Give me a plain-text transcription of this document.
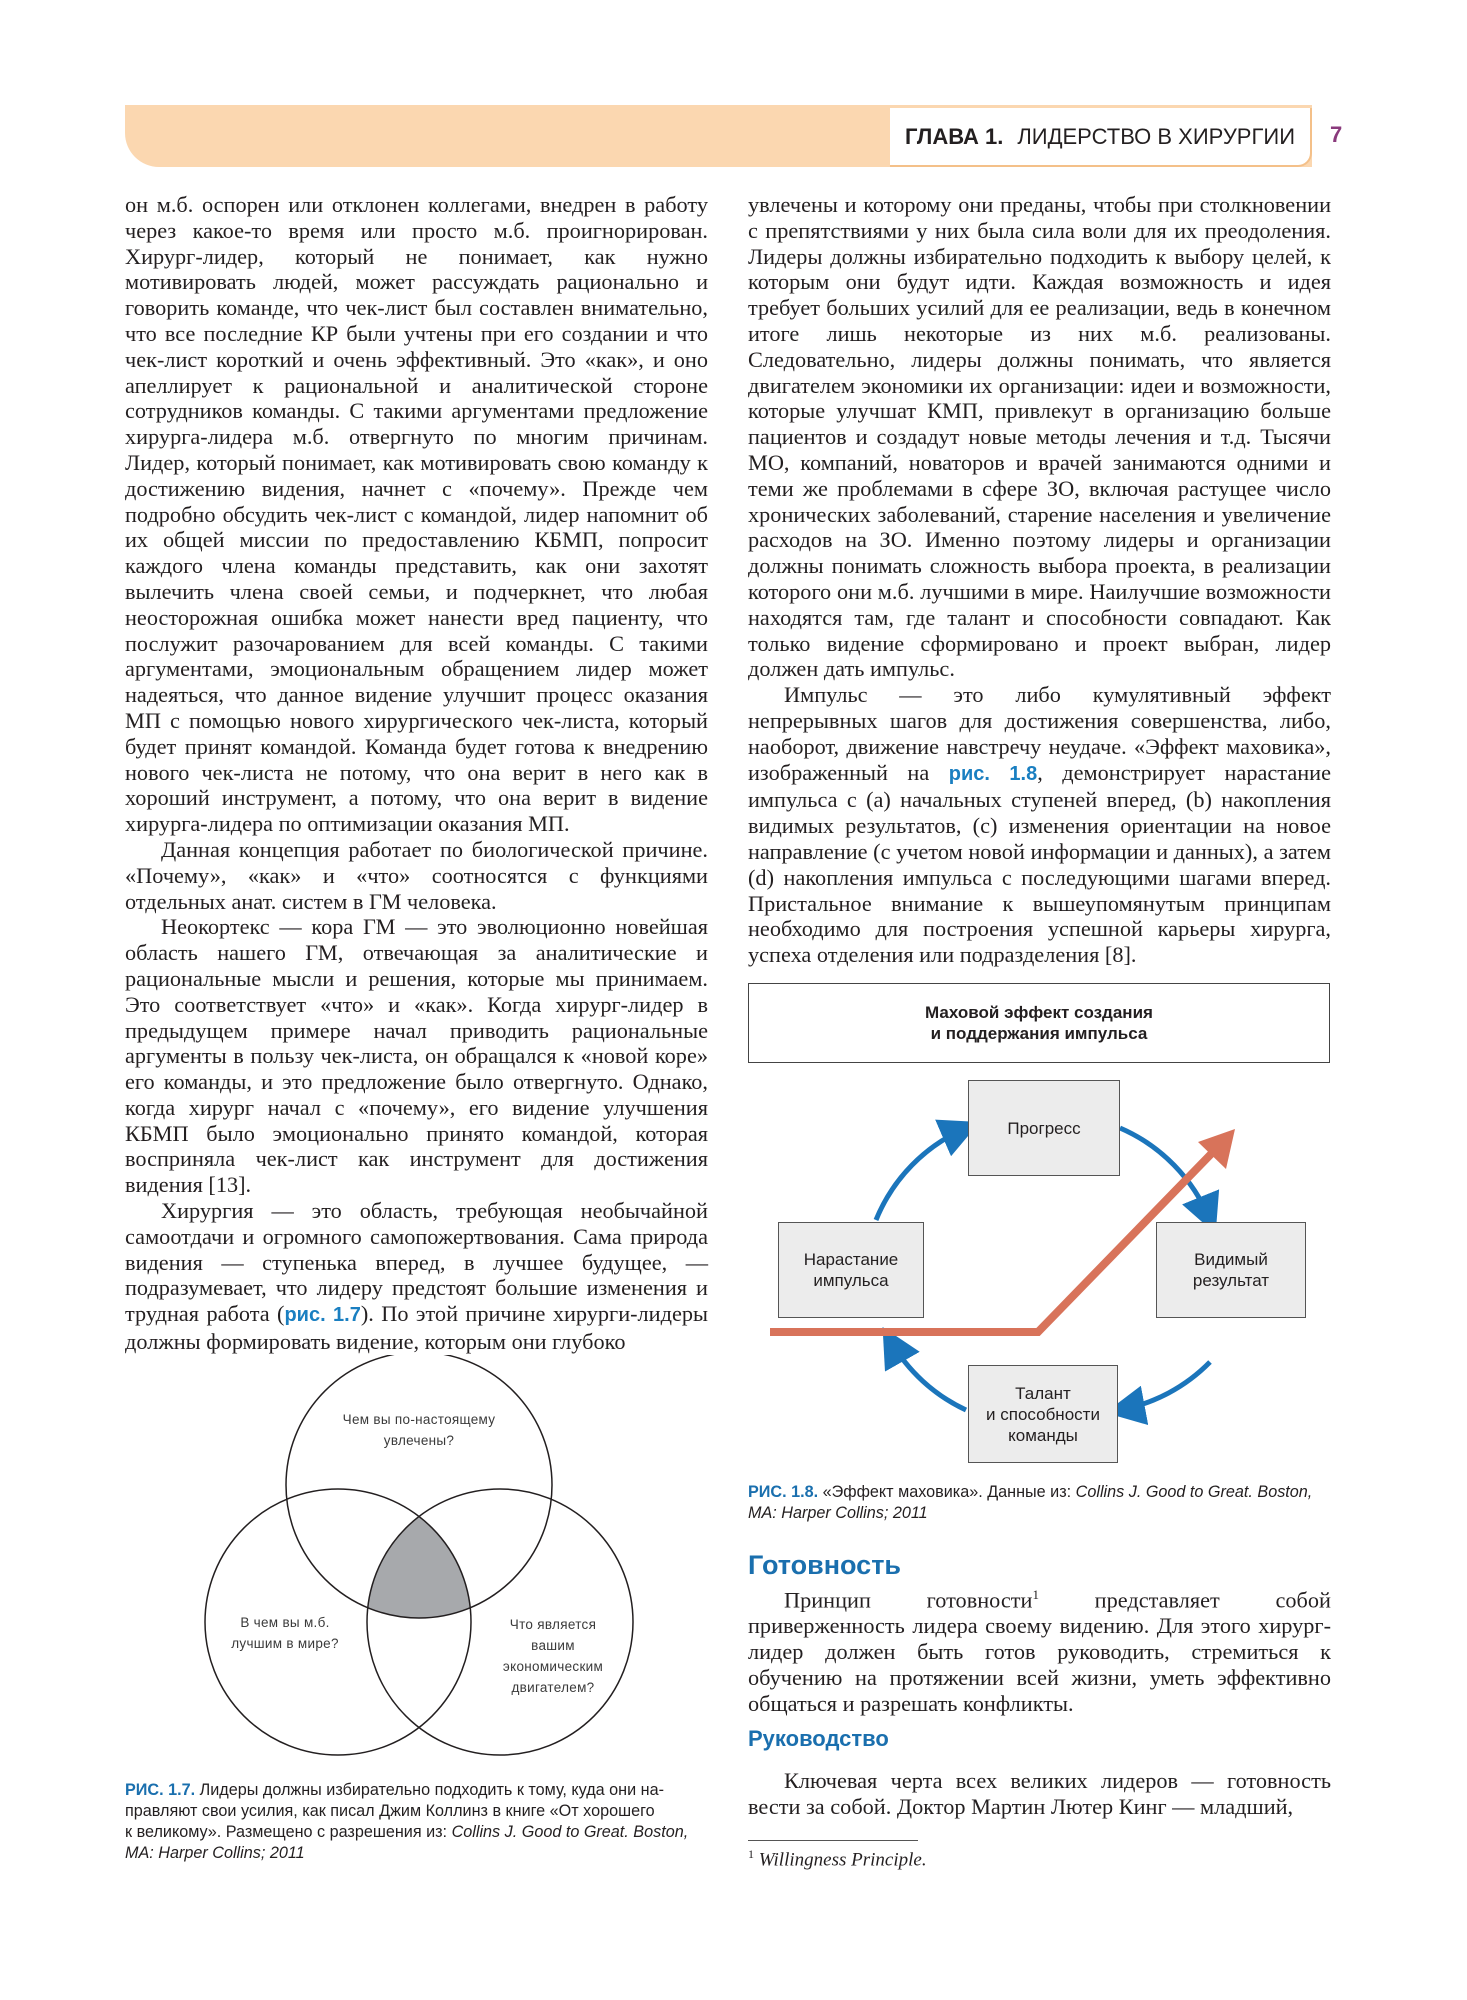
ГЛАВА 1. ЛИДЕРСТВО В ХИРУРГИИ 7

он м.б. оспорен или отклонен коллегами, внедрен в работу через какое-то время или просто м.б. проигнорирован. Хирург-лидер, который не понимает, как нужно мотивировать людей, может рассуждать рационально и говорить команде, что чек-лист был составлен внимательно, что все последние КР были учтены при его создании и что чек-лист короткий и очень эффективный. Это «как», и оно апеллирует к рациональной и аналитической стороне сотрудников команды. С такими аргументами предложение хирурга-лидера м.б. отвергнуто по многим причинам. Лидер, который понимает, как мотивировать свою команду к достижению видения, начнет с «почему». Прежде чем подробно обсудить чек-лист с командой, лидер напомнит об их общей миссии по предоставлению КБМП, попросит каждого члена команды представить, как они захотят вылечить члена своей семьи, и подчеркнет, что любая неосторожная ошибка может нанести вред пациенту, что послужит разочарованием для всей команды. С такими аргументами, эмоциональным обращением лидер может надеяться, что данное видение улучшит процесс оказания МП с помощью нового хирургического чек-листа, который будет принят командой. Команда будет готова к внедрению нового чек-листа не потому, что она верит в него как в хороший инструмент, а потому, что она верит в видение хирурга-лидера по оптимизации оказания МП.

Данная концепция работает по биологической причине. «Почему», «как» и «что» соотносятся с функциями отдельных анат. систем в ГМ человека.

Неокортекс — кора ГМ — это эволюционно новейшая область нашего ГМ, отвечающая за аналитические и рациональные мысли и решения, которые мы принимаем. Это соответствует «что» и «как». Когда хирург-лидер в предыдущем примере начал приводить рациональные аргументы в пользу чек-листа, он обращался к «новой коре» его команды, и это предложение было отвергнуто. Однако, когда хирург начал с «почему», его видение улучшения КБМП было эмоционально принято командой, которая восприняла чек-лист как инструмент для достижения видения [13].

Хирургия — это область, требующая необычайной самоотдачи и огромного самопожертвования. Сама природа видения — ступенька вперед, в лучшее будущее, — подразумевает, что лидеру предстоят большие изменения и трудная работа (рис. 1.7). По этой причине хирурги-лидеры должны формировать видение, которым они глубоко

увлечены и которому они преданы, чтобы при столкновении с препятствиями у них была сила воли для их преодоления. Лидеры должны избирательно подходить к выбору целей, к которым они будут идти. Каждая возможность и идея требует больших усилий для ее реализации, ведь в конечном итоге лишь некоторые из них м.б. реализованы. Следовательно, лидеры должны понимать, что является двигателем экономики их организации: идеи и возможности, которые улучшат КМП, привлекут в организацию больше пациентов и создадут новые методы лечения и т.д. Тысячи МО, компаний, новаторов и врачей занимаются одними и теми же проблемами в сфере ЗО, включая растущее число хронических заболеваний, старение населения и увеличение расходов на ЗО. Именно поэтому лидеры и организации должны понимать сложность выбора проекта, в реализации которого они м.б. лучшими в мире. Наилучшие возможности находятся там, где талант и способности совпадают. Как только видение сформировано и проект выбран, лидер должен дать импульс.

Импульс — это либо кумулятивный эффект непрерывных шагов для достижения совершенства, либо, наоборот, движение навстречу неудаче. «Эффект маховика», изображенный на рис. 1.8, демонстрирует нарастание импульса с (a) начальных ступеней вперед, (b) накопления видимых результатов, (c) изменения ориентации на новое направление (с учетом новой информации и данных), а затем (d) накопления импульса с последующими шагами вперед. Пристальное внимание к вышеупомянутым принципам необходимо для построения успешной карьеры хирурга, успеха отделения или подразделения [8].

Маховой эффект создания
и поддержания импульса
Прогресс
Видимый
результат
Талант
и способности
команды
Нарастание
импульса
РИС. 1.8. «Эффект маховика». Данные из: Collins J. Good to Great. Boston,
MA: Harper Collins; 2011
Чем вы по-настоящему
увлечены?
В чем вы м.б.
лучшим в мире?
Что является
вашим
экономическим
двигателем?
РИС. 1.7. Лидеры должны избирательно подходить к тому, куда они на-
правляют свои усилия, как писал Джим Коллинз в книге «От хорошего
к великому». Размещено с разрешения из: Collins J. Good to Great. Boston,
MA: Harper Collins; 2011
Готовность

Принцип готовности$^1$ представляет собой приверженность лидера своему видению. Для этого хирург-лидер должен быть готов руководить, стремиться к обучению на протяжении всей жизни, уметь эффективно общаться и разрешать конфликты.

Руководство

Ключевая черта всех великих лидеров — готовность вести за собой. Доктор Мартин Лютер Кинг — младший,

$^1$ Willingness Principle.
